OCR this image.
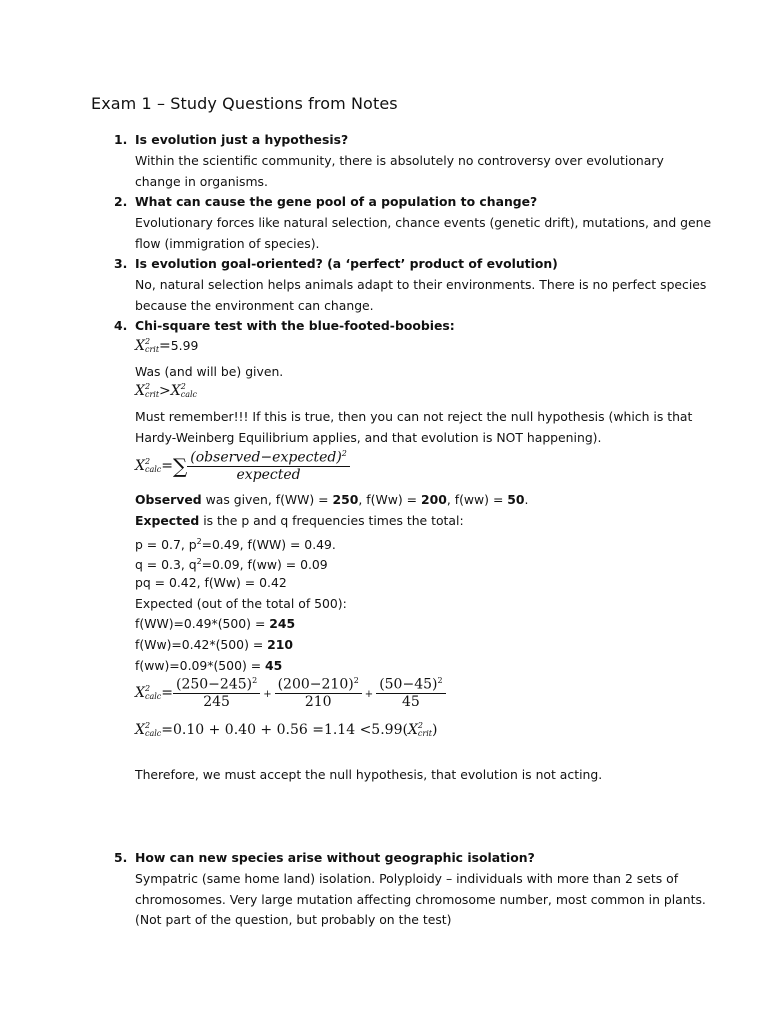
Exam 1 – Study Questions from Notes
1. Is evolution just a hypothesis?
Within the scientific community, there is absolutely no controversy over evolutionary
change in organisms.
2. What can cause the gene pool of a population to change?
Evolutionary forces like natural selection, chance events (genetic drift), mutations, and gene
flow (immigration of species).
3. Is evolution goal-oriented? (a ‘perfect’ product of evolution)
No, natural selection helps animals adapt to their environments. There is no perfect species
because the environment can change.
4. Chi-square test with the blue-footed-boobies:
X 2
crit =5.99
Was (and will be) given.
X 2
crit >X 2
calc
Must remember!!! If this is true, then you can not reject the null hypothesis (which is that
Hardy-Weinberg Equilibrium applies, and that evolution is NOT happening).
X 2
calc =∑ $\frac{(observed-expected)^2}{\text{expected}}$
Observed was given, f(WW) = 250, f(Ww) = 200, f(ww) = 50.
Expected is the p and q frequencies times the total:
p = 0.7, $p^2=0.49$, f(WW) = 0.49.
q = 0.3, $q^2=0.09$, f(ww) = 0.09
pq = 0.42, f(Ww) = 0.42
Expected (out of the total of 500):
f(WW)=0.49*(500) = 245
f(Ww)=0.42*(500) = 210
f(ww)=0.09*(500) = 45
X 2
calc = $\frac{(250-245)^2}{245} + \frac{(200-210)^2}{210} + \frac{(50-45)^2}{45}$
X 2
calc =0.10 + 0.40 + 0.56 =1.14 <5.99(X 2
crit )
Therefore, we must accept the null hypothesis, that evolution is not acting.
5. How can new species arise without geographic isolation?
Sympatric (same home land) isolation. Polyploidy – individuals with more than 2 sets of
chromosomes. Very large mutation affecting chromosome number, most common in plants.
(Not part of the question, but probably on the test)
